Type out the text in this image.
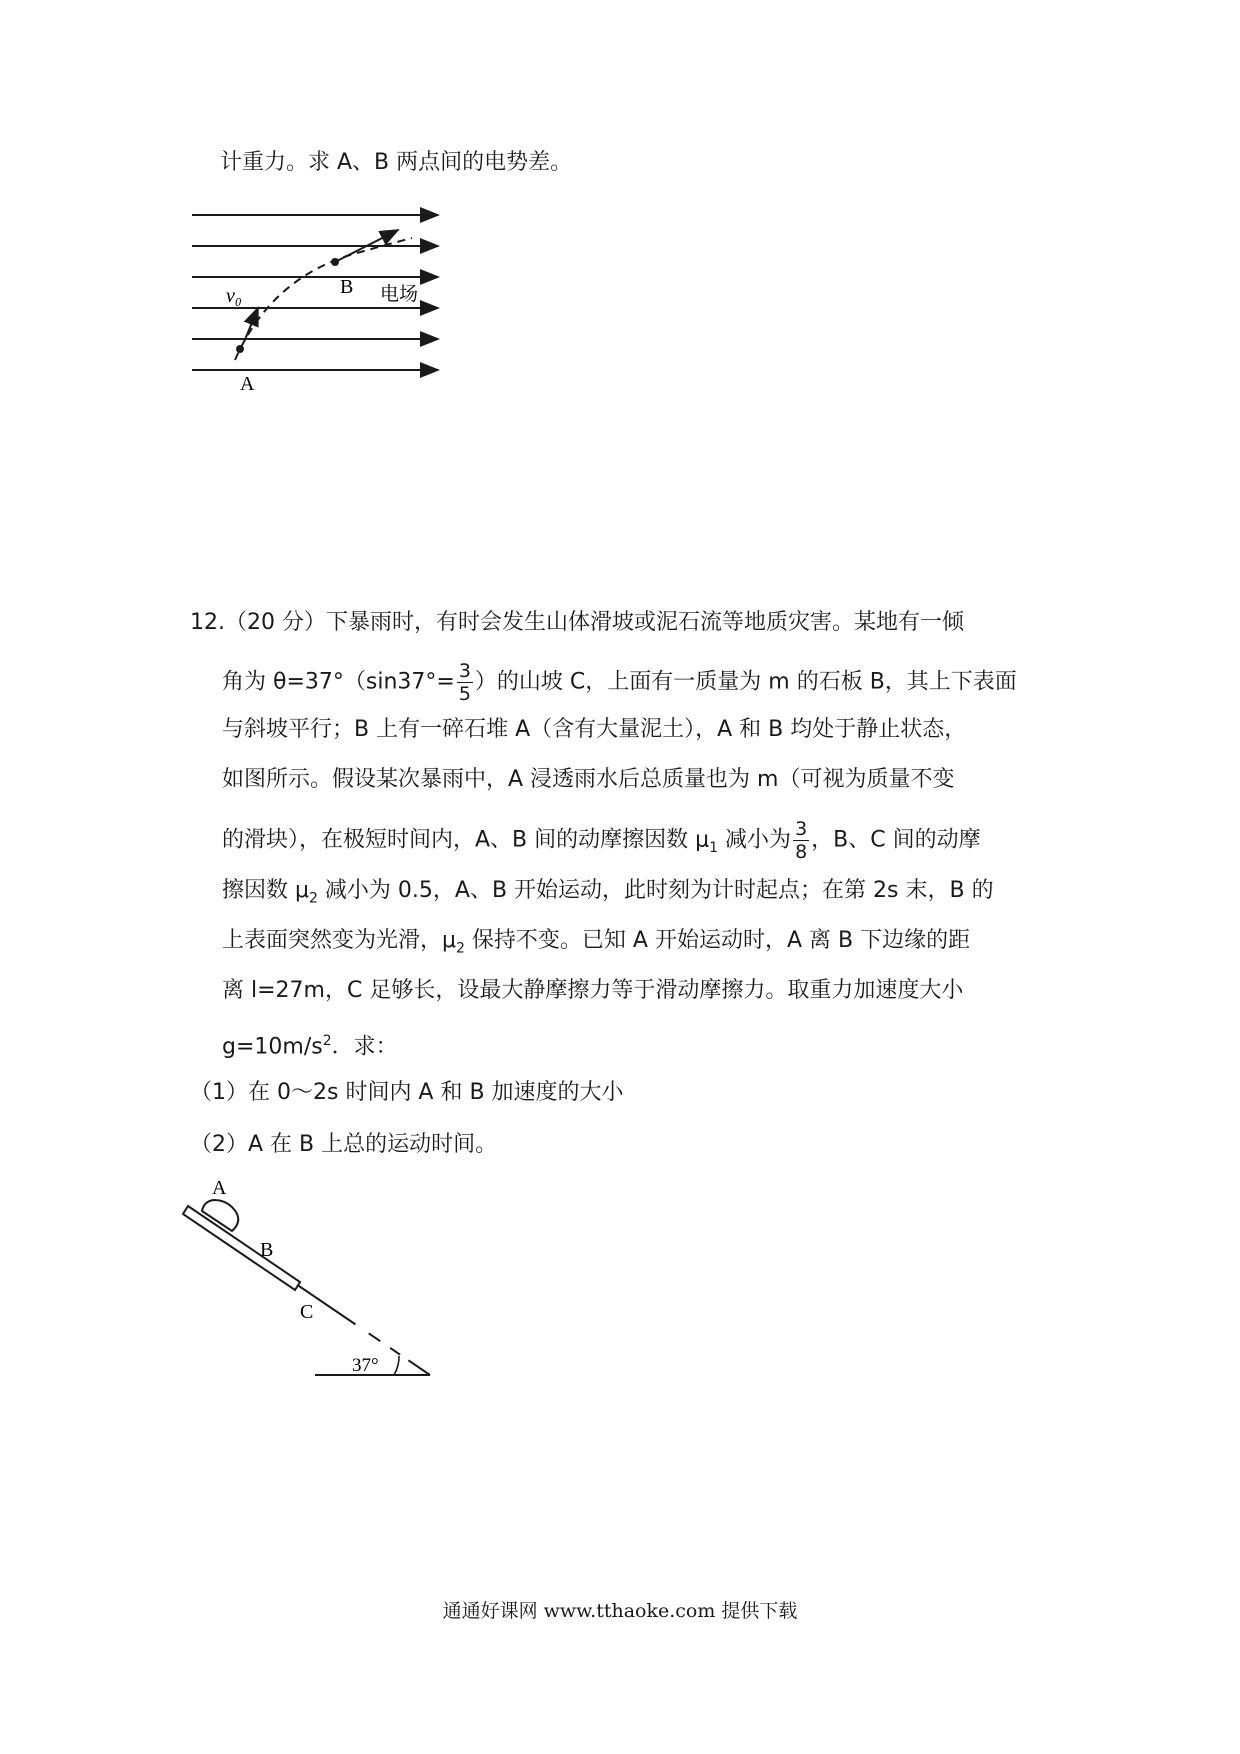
计重力。求 A、B 两点间的电势差。
A
B
v₀	电场
12.（20 分）下暴雨时，有时会发生山体滑坡或泥石流等地质灾害。某地有一倾
角为 $\theta=37^\circ(\sin 37^\circ= \frac{3}{5}$ ）的山坡 C，上面有一质量为 m 的石板 B，其上下表面
与斜坡平行；B 上有一碎石堆 A（含有大量泥土），A 和 B 均处于静止状态，
如图所示。假设某次暴雨中，A 浸透雨水后总质量也为 m（可视为质量不变
的滑块），在极短时间内，A、B 间的动摩擦因数 $\mu_1$ 减小为 $\frac{3}{8}$ ，B、C 间的动摩
擦因数 $\mu_2$ 减小为 0.5，A、B 开始运动，此时刻为计时起点；在第 2s 末，B 的
上表面突然变为光滑，$\mu_2$ 保持不变。已知 A 开始运动时，A 离 B 下边缘的距
离 l=27m，C 足够长，设最大静摩擦力等于滑动摩擦力。取重力加速度大小
$g=10m/s^2$．求：
（1）在 0～2s 时间内 A 和 B 加速度的大小
（2）A 在 B 上总的运动时间。
A
B
C
37°
通通好课网 www.tthaoke.com 提供下载
